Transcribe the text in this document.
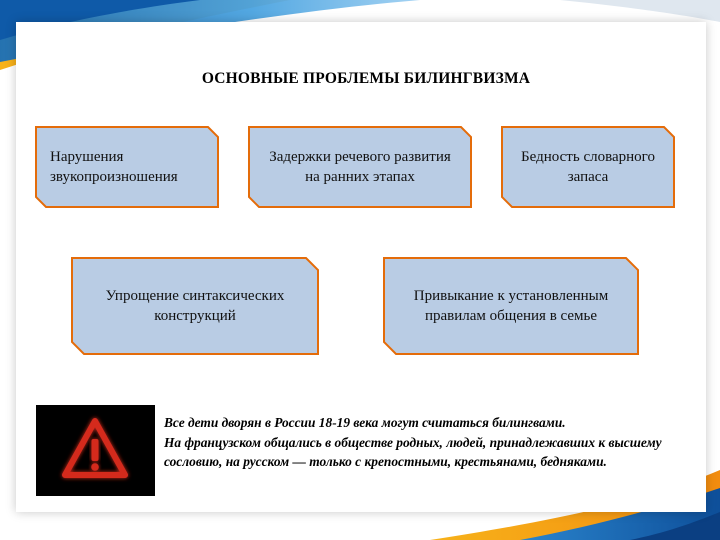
ОСНОВНЫЕ ПРОБЛЕМЫ БИЛИНГВИЗМА
Нарушения звукопроизношения
Задержки речевого развития на ранних этапах
Бедность словарного запаса
Упрощение синтаксических конструкций
Привыкание к установленным правилам общения в семье
Все дети дворян в России 18-19 века могут считаться билингвами.
На французском общались в обществе родных, людей, принадлежавших к высшему сословию, на русском — только с крепостными, крестьянами, бедняками.
